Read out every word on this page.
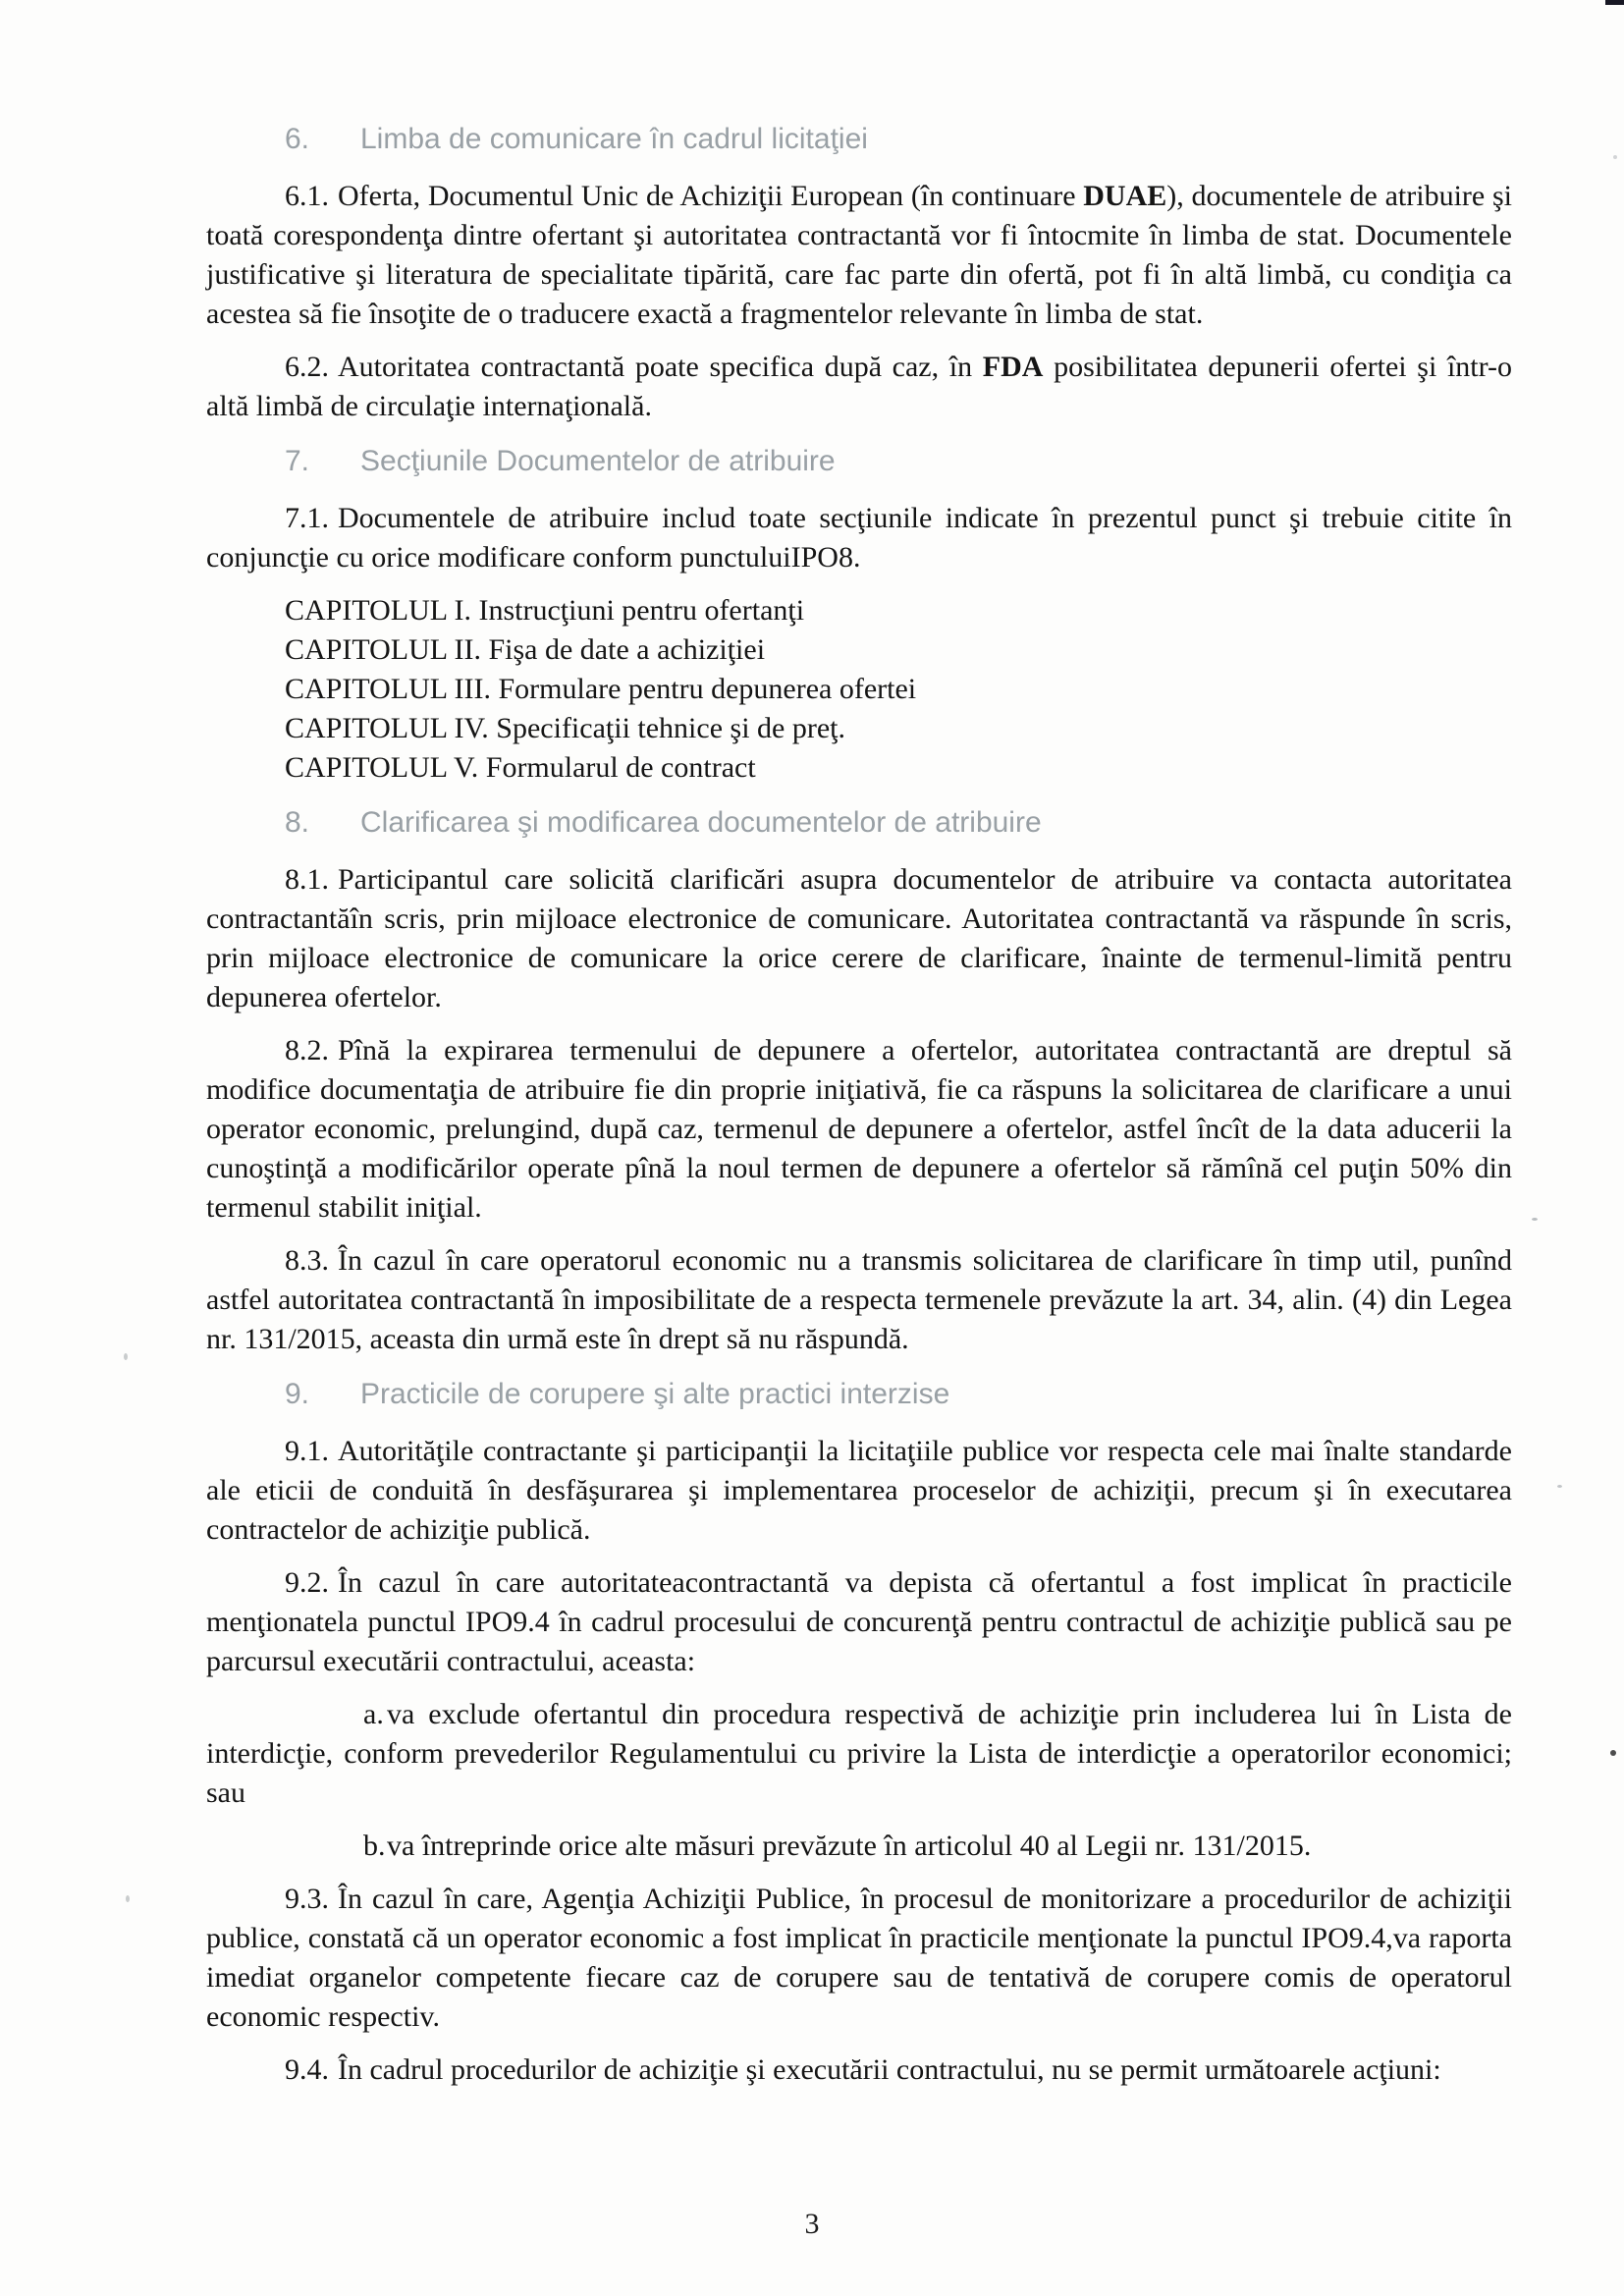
6. Limba de comunicare în cadrul licitaţiei

6.1. Oferta, Documentul Unic de Achiziţii European (în continuare DUAE), documentele de atribuire şi toată corespondenţa dintre ofertant şi autoritatea contractantă vor fi întocmite în limba de stat. Documentele justificative şi literatura de specialitate tipărită, care fac parte din ofertă, pot fi în altă limbă, cu condiţia ca acestea să fie însoţite de o traducere exactă a fragmentelor relevante în limba de stat.

6.2. Autoritatea contractantă poate specifica după caz, în FDA posibilitatea depunerii ofertei şi într-o altă limbă de circulaţie internaţională.

7. Secţiunile Documentelor de atribuire

7.1. Documentele de atribuire includ toate secţiunile indicate în prezentul punct şi trebuie citite în conjuncţie cu orice modificare conform punctuluiIPO8.

CAPITOLUL I. Instrucţiuni pentru ofertanţi
CAPITOLUL II. Fişa de date a achiziţiei
CAPITOLUL III. Formulare pentru depunerea ofertei
CAPITOLUL IV. Specificaţii tehnice şi de preţ.
CAPITOLUL V. Formularul de contract
8. Clarificarea şi modificarea documentelor de atribuire

8.1. Participantul care solicită clarificări asupra documentelor de atribuire va contacta autoritatea contractantăîn scris, prin mijloace electronice de comunicare. Autoritatea contractantă va răspunde în scris, prin mijloace electronice de comunicare la orice cerere de clarificare, înainte de termenul-limită pentru depunerea ofertelor.

8.2. Pînă la expirarea termenului de depunere a ofertelor, autoritatea contractantă are dreptul să modifice documentaţia de atribuire fie din proprie iniţiativă, fie ca răspuns la solicitarea de clarificare a unui operator economic, prelungind, după caz, termenul de depunere a ofertelor, astfel încît de la data aducerii la cunoştinţă a modificărilor operate pînă la noul termen de depunere a ofertelor să rămînă cel puţin 50% din termenul stabilit iniţial.

8.3. În cazul în care operatorul economic nu a transmis solicitarea de clarificare în timp util, punînd astfel autoritatea contractantă în imposibilitate de a respecta termenele prevăzute la art. 34, alin. (4) din Legea nr. 131/2015, aceasta din urmă este în drept să nu răspundă.

9. Practicile de corupere şi alte practici interzise

9.1. Autorităţile contractante şi participanţii la licitaţiile publice vor respecta cele mai înalte standarde ale eticii de conduită în desfăşurarea şi implementarea proceselor de achiziţii, precum şi în executarea contractelor de achiziţie publică.

9.2. În cazul în care autoritateacontractantă va depista că ofertantul a fost implicat în practicile menţionatela punctul IPO9.4 în cadrul procesului de concurenţă pentru contractul de achiziţie publică sau pe parcursul executării contractului, aceasta:

a. va exclude ofertantul din procedura respectivă de achiziţie prin includerea lui în Lista de interdicţie, conform prevederilor Regulamentului cu privire la Lista de interdicţie a operatorilor economici; sau

b.va întreprinde orice alte măsuri prevăzute în articolul 40 al Legii nr. 131/2015.

9.3. În cazul în care, Agenţia Achiziţii Publice, în procesul de monitorizare a procedurilor de achiziţii publice, constată că un operator economic a fost implicat în practicile menţionate la punctul IPO9.4,va raporta imediat organelor competente fiecare caz de corupere sau de tentativă de corupere comis de operatorul economic respectiv.

9.4. În cadrul procedurilor de achiziţie şi executării contractului, nu se permit următoarele acţiuni:

3
